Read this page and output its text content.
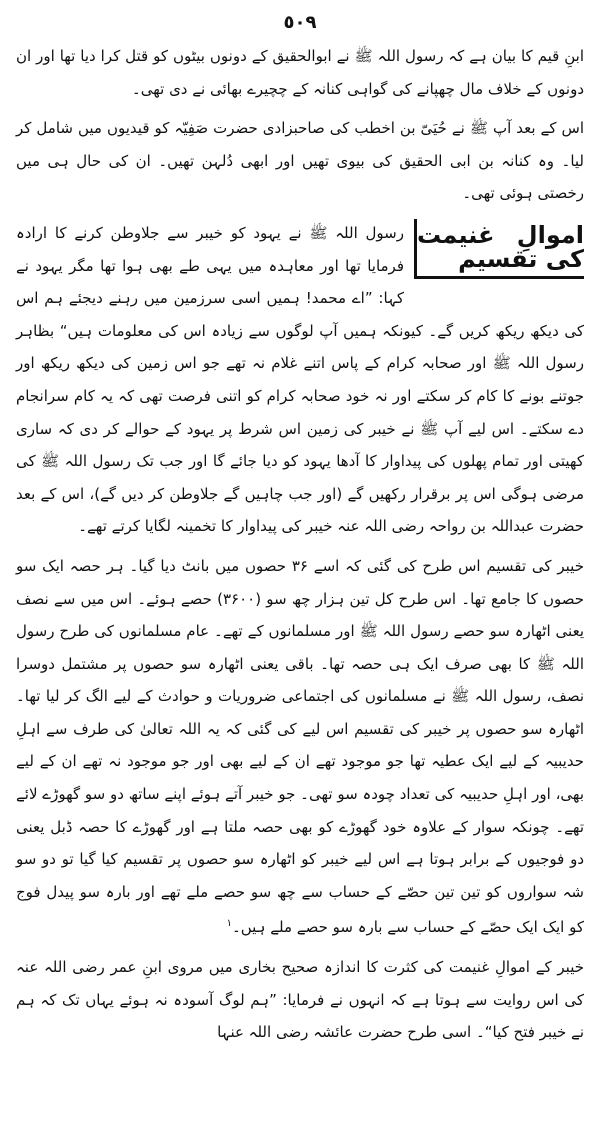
٥٠٩

ابنِ قیم کا بیان ہے کہ رسول اللہ ﷺ نے ابوالحقیق کے دونوں بیٹوں کو قتل کرا دیا تھا اور ان دونوں کے خلاف مال چھپانے کی گواہی کنانہ کے چچیرے بھائی نے دی تھی۔

اس کے بعد آپ ﷺ نے حُیَیّ بن اخطب کی صاحبزادی حضرت صَفِیّہ کو قیدیوں میں شامل کر لیا۔ وہ کنانہ بن ابی الحقیق کی بیوی تھیں اور ابھی دُلہن تھیں۔ ان کی حال ہی میں رخصتی ہوئی تھی۔

اموالِ غنیمت کی تقسیم

رسول اللہ ﷺ نے یہود کو خیبر سے جلاوطن کرنے کا ارادہ فرمایا تھا اور معاہدہ میں یہی طے بھی ہوا تھا مگر یہود نے کہا: ”اے محمد! ہمیں اسی سرزمین میں رہنے دیجئے ہم اس کی دیکھ ریکھ کریں گے۔ کیونکہ ہمیں آپ لوگوں سے زیادہ اس کی معلومات ہیں“ بظاہر رسول اللہ ﷺ اور صحابہ کرام کے پاس اتنے غلام نہ تھے جو اس زمین کی دیکھ ریکھ اور جوتنے بونے کا کام کر سکتے اور نہ خود صحابہ کرام کو اتنی فرصت تھی کہ یہ کام سرانجام دے سکتے۔ اس لیے آپ ﷺ نے خیبر کی زمین اس شرط پر یہود کے حوالے کر دی کہ ساری کھیتی اور تمام پھلوں کی پیداوار کا آدھا یہود کو دیا جائے گا اور جب تک رسول اللہ ﷺ کی مرضی ہوگی اس پر برقرار رکھیں گے (اور جب چاہیں گے جلاوطن کر دیں گے)، اس کے بعد حضرت عبداللہ بن رواحہ رضی اللہ عنہ خیبر کی پیداوار کا تخمینہ لگایا کرتے تھے۔

خیبر کی تقسیم اس طرح کی گئی کہ اسے ۳۶ حصوں میں بانٹ دیا گیا۔ ہر حصہ ایک سو حصوں کا جامع تھا۔ اس طرح کل تین ہزار چھ سو (۳۶۰۰) حصے ہوئے۔ اس میں سے نصف یعنی اٹھارہ سو حصے رسول اللہ ﷺ اور مسلمانوں کے تھے۔ عام مسلمانوں کی طرح رسول اللہ ﷺ کا بھی صرف ایک ہی حصہ تھا۔ باقی یعنی اٹھارہ سو حصوں پر مشتمل دوسرا نصف، رسول اللہ ﷺ نے مسلمانوں کی اجتماعی ضروریات و حوادث کے لیے الگ کر لیا تھا۔ اٹھارہ سو حصوں پر خیبر کی تقسیم اس لیے کی گئی کہ یہ اللہ تعالیٰ کی طرف سے اہلِ حدیبیہ کے لیے ایک عطیہ تھا جو موجود تھے ان کے لیے بھی اور جو موجود نہ تھے ان کے لیے بھی، اور اہلِ حدیبیہ کی تعداد چودہ سو تھی۔ جو خیبر آتے ہوئے اپنے ساتھ دو سو گھوڑے لائے تھے۔ چونکہ سوار کے علاوہ خود گھوڑے کو بھی حصہ ملتا ہے اور گھوڑے کا حصہ ڈبل یعنی دو فوجیوں کے برابر ہوتا ہے اس لیے خیبر کو اٹھارہ سو حصوں پر تقسیم کیا گیا تو دو سو شہ سواروں کو تین تین حصّے کے حساب سے چھ سو حصے ملے تھے اور بارہ سو پیدل فوج کو ایک ایک حصّے کے حساب سے بارہ سو حصے ملے ہیں۔$^۱$

خیبر کے اموالِ غنیمت کی کثرت کا اندازہ صحیح بخاری میں مروی ابنِ عمر رضی اللہ عنہ کی اس روایت سے ہوتا ہے کہ انہوں نے فرمایا: ”ہم لوگ آسودہ نہ ہوئے یہاں تک کہ ہم نے خیبر فتح کیا“۔ اسی طرح حضرت عائشہ رضی اللہ عنہا
